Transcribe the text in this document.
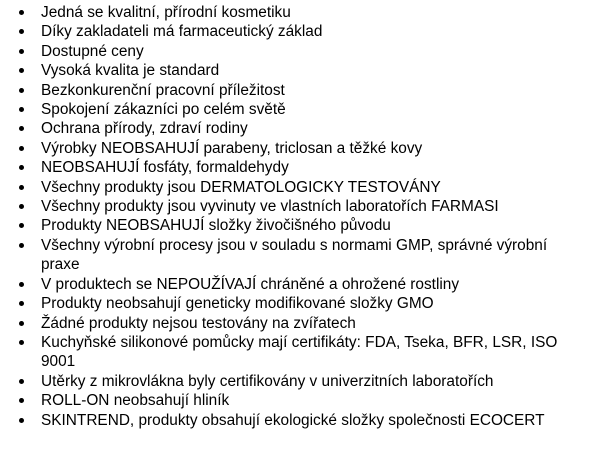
Jedná se kvalitní, přírodní kosmetiku
Díky zakladateli má farmaceutický základ
Dostupné ceny
Vysoká kvalita je standard
Bezkonkurenční pracovní příležitost
Spokojení zákazníci po celém světě
Ochrana přírody, zdraví rodiny
Výrobky NEOBSAHUJÍ parabeny, triclosan a těžké kovy
NEOBSAHUJÍ fosfáty, formaldehydy
Všechny produkty jsou DERMATOLOGICKY TESTOVÁNY
Všechny produkty jsou vyvinuty ve vlastních laboratořích FARMASI
Produkty NEOBSAHUJÍ složky živočišného původu
Všechny výrobní procesy jsou v souladu s normami GMP, správné výrobní praxe
V produktech se NEPOUŽÍVAJÍ chráněné a ohrožené rostliny
Produkty neobsahují geneticky modifikované složky GMO
Žádné produkty nejsou testovány na zvířatech
Kuchyňské silikonové pomůcky mají certifikáty: FDA, Tseka, BFR, LSR, ISO 9001
Utěrky z mikrovlákna byly certifikovány v univerzitních laboratořích
ROLL-ON neobsahují hliník
SKINTREND, produkty obsahují ekologické složky společnosti ECOCERT
